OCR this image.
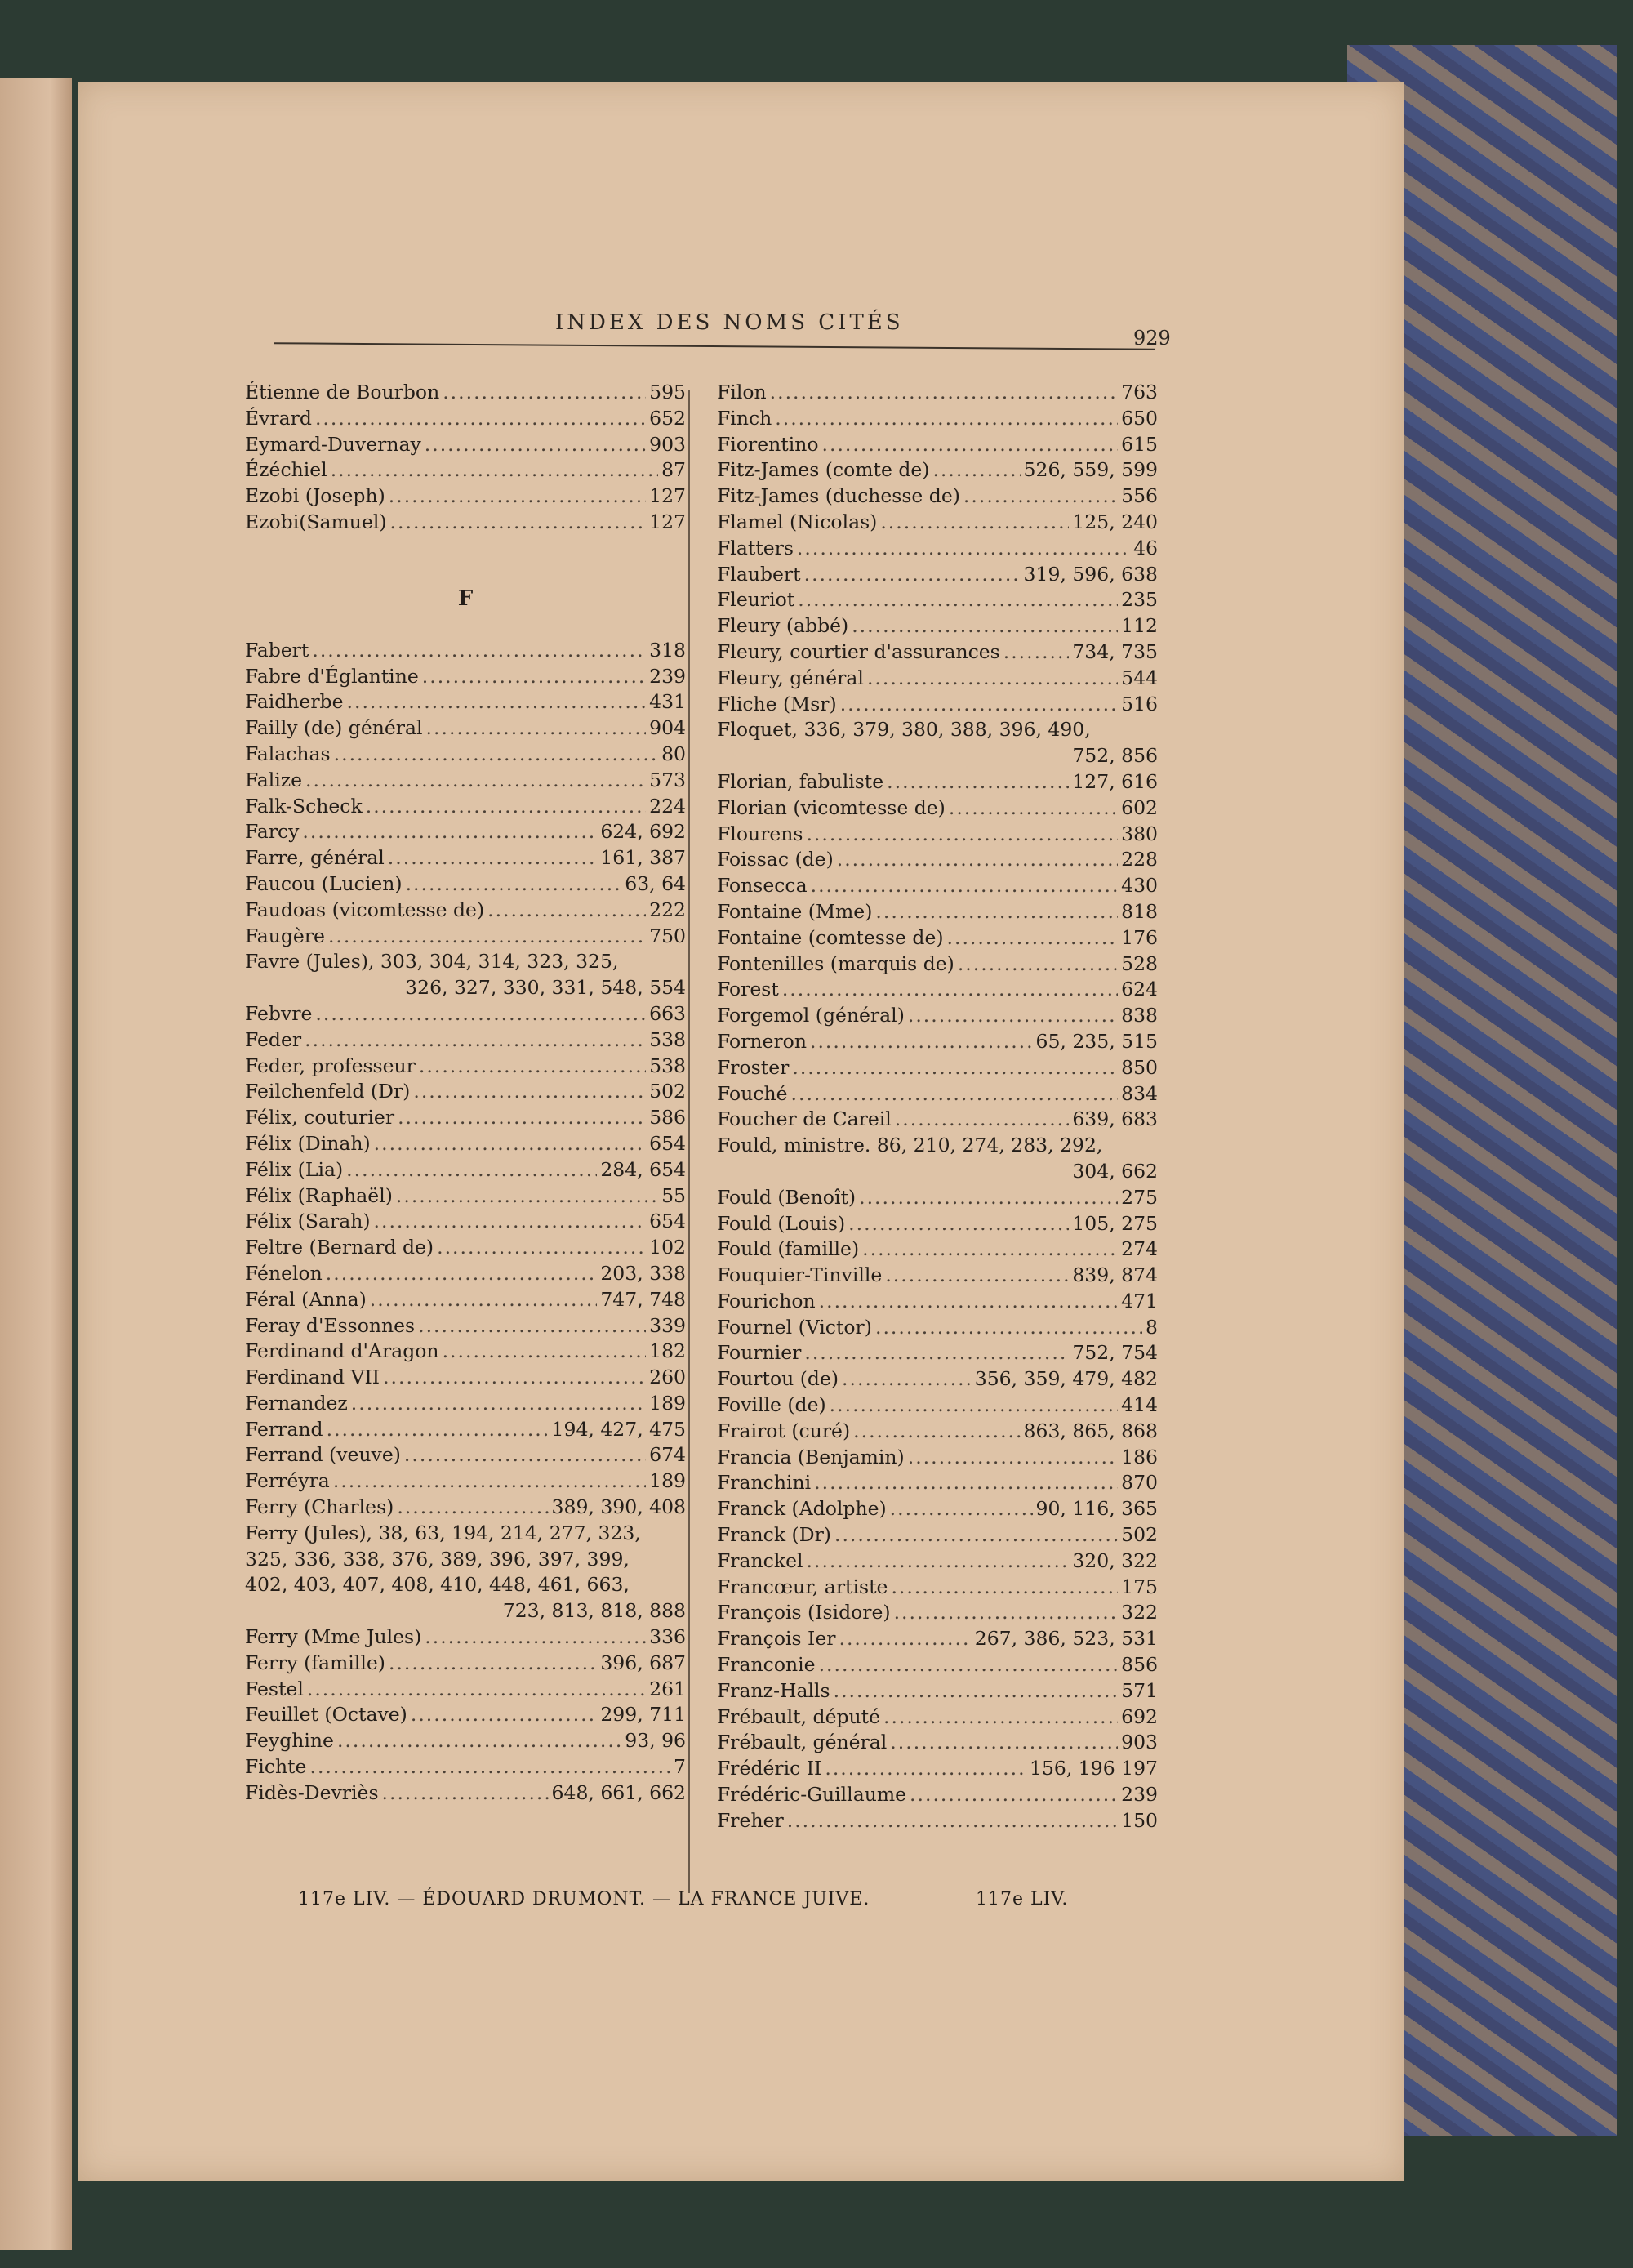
INDEX DES NOMS CITÉS
929
Étienne de Bourbon .....	595
Évrard .....	652
Eymard-Duvernay .....	903
Ézéchiel .....	87
Ezobi (Joseph) .....	127
Ezobi(Samuel) .....	127
F
Fabert .....	318
Fabre d'Églantine .....	239
Faidherbe .....	431
Failly (de) général .....	904
Falachas .....	80
Falize .....	573
Falk-Scheck .....	224
Farcy .....	624, 692
Farre, général .....	161, 387
Faucou (Lucien) .....	63, 64
Faudoas (vicomtesse de) .....	222
Faugère .....	750
Favre (Jules), 303, 304, 314, 323, 325,
326, 327, 330, 331, 548, 554
Febvre .....	663
Feder .....	538
Feder, professeur .....	538
Feilchenfeld (Dr) .....	502
Félix, couturier .....	586
Félix (Dinah) .....	654
Félix (Lia) .....	284, 654
Félix (Raphaël) .....	55
Félix (Sarah) .....	654
Feltre (Bernard de) .....	102
Fénelon .....	203, 338
Féral (Anna) .....	747, 748
Feray d'Essonnes .....	339
Ferdinand d'Aragon .....	182
Ferdinand VII .....	260
Fernandez .....	189
Ferrand .....	194, 427, 475
Ferrand (veuve) .....	674
Ferréyra .....	189
Ferry (Charles) .....	389, 390, 408
Ferry (Jules), 38, 63, 194, 214, 277, 323,
325, 336, 338, 376, 389, 396, 397, 399,
402, 403, 407, 408, 410, 448, 461, 663,
723, 813, 818, 888
Ferry (Mme Jules) .....	336
Ferry (famille) .....	396, 687
Festel .....	261
Feuillet (Octave) .....	299, 711
Feyghine .....	93, 96
Fichte .....	7
Fidès-Devriès .....	648, 661, 662
Filon .....	763
Finch .....	650
Fiorentino .....	615
Fitz-James (comte de) .....	526, 559, 599
Fitz-James (duchesse de) .....	556
Flamel (Nicolas) .....	125, 240
Flatters .....	46
Flaubert .....	319, 596, 638
Fleuriot .....	235
Fleury (abbé) .....	112
Fleury, courtier d'assurances .....	734, 735
Fleury, général .....	544
Fliche (Msr) .....	516
Floquet, 336, 379, 380, 388, 396, 490,
752, 856
Florian, fabuliste .....	127, 616
Florian (vicomtesse de) .....	602
Flourens .....	380
Foissac (de) .....	228
Fonsecca .....	430
Fontaine (Mme) .....	818
Fontaine (comtesse de) .....	176
Fontenilles (marquis de) .....	528
Forest .....	624
Forgemol (général) .....	838
Forneron .....	65, 235, 515
Froster .....	850
Fouché .....	834
Foucher de Careil .....	639, 683
Fould, ministre. 86, 210, 274, 283, 292,
304, 662
Fould (Benoît) .....	275
Fould (Louis) .....	105, 275
Fould (famille) .....	274
Fouquier-Tinville .....	839, 874
Fourichon .....	471
Fournel (Victor) .....	8
Fournier .....	752, 754
Fourtou (de) .....	356, 359, 479, 482
Foville (de) .....	414
Frairot (curé) .....	863, 865, 868
Francia (Benjamin) .....	186
Franchini .....	870
Franck (Adolphe) .....	90, 116, 365
Franck (Dr) .....	502
Franckel .....	320, 322
Francœur, artiste .....	175
François (Isidore) .....	322
François Ier .....	267, 386, 523, 531
Franconie .....	856
Franz-Halls .....	571
Frébault, député .....	692
Frébault, général .....	903
Frédéric II .....	156, 196 197
Frédéric-Guillaume .....	239
Freher .....	150
117e LIV. — ÉDOUARD DRUMONT. — LA FRANCE JUIVE.	117e LIV.
